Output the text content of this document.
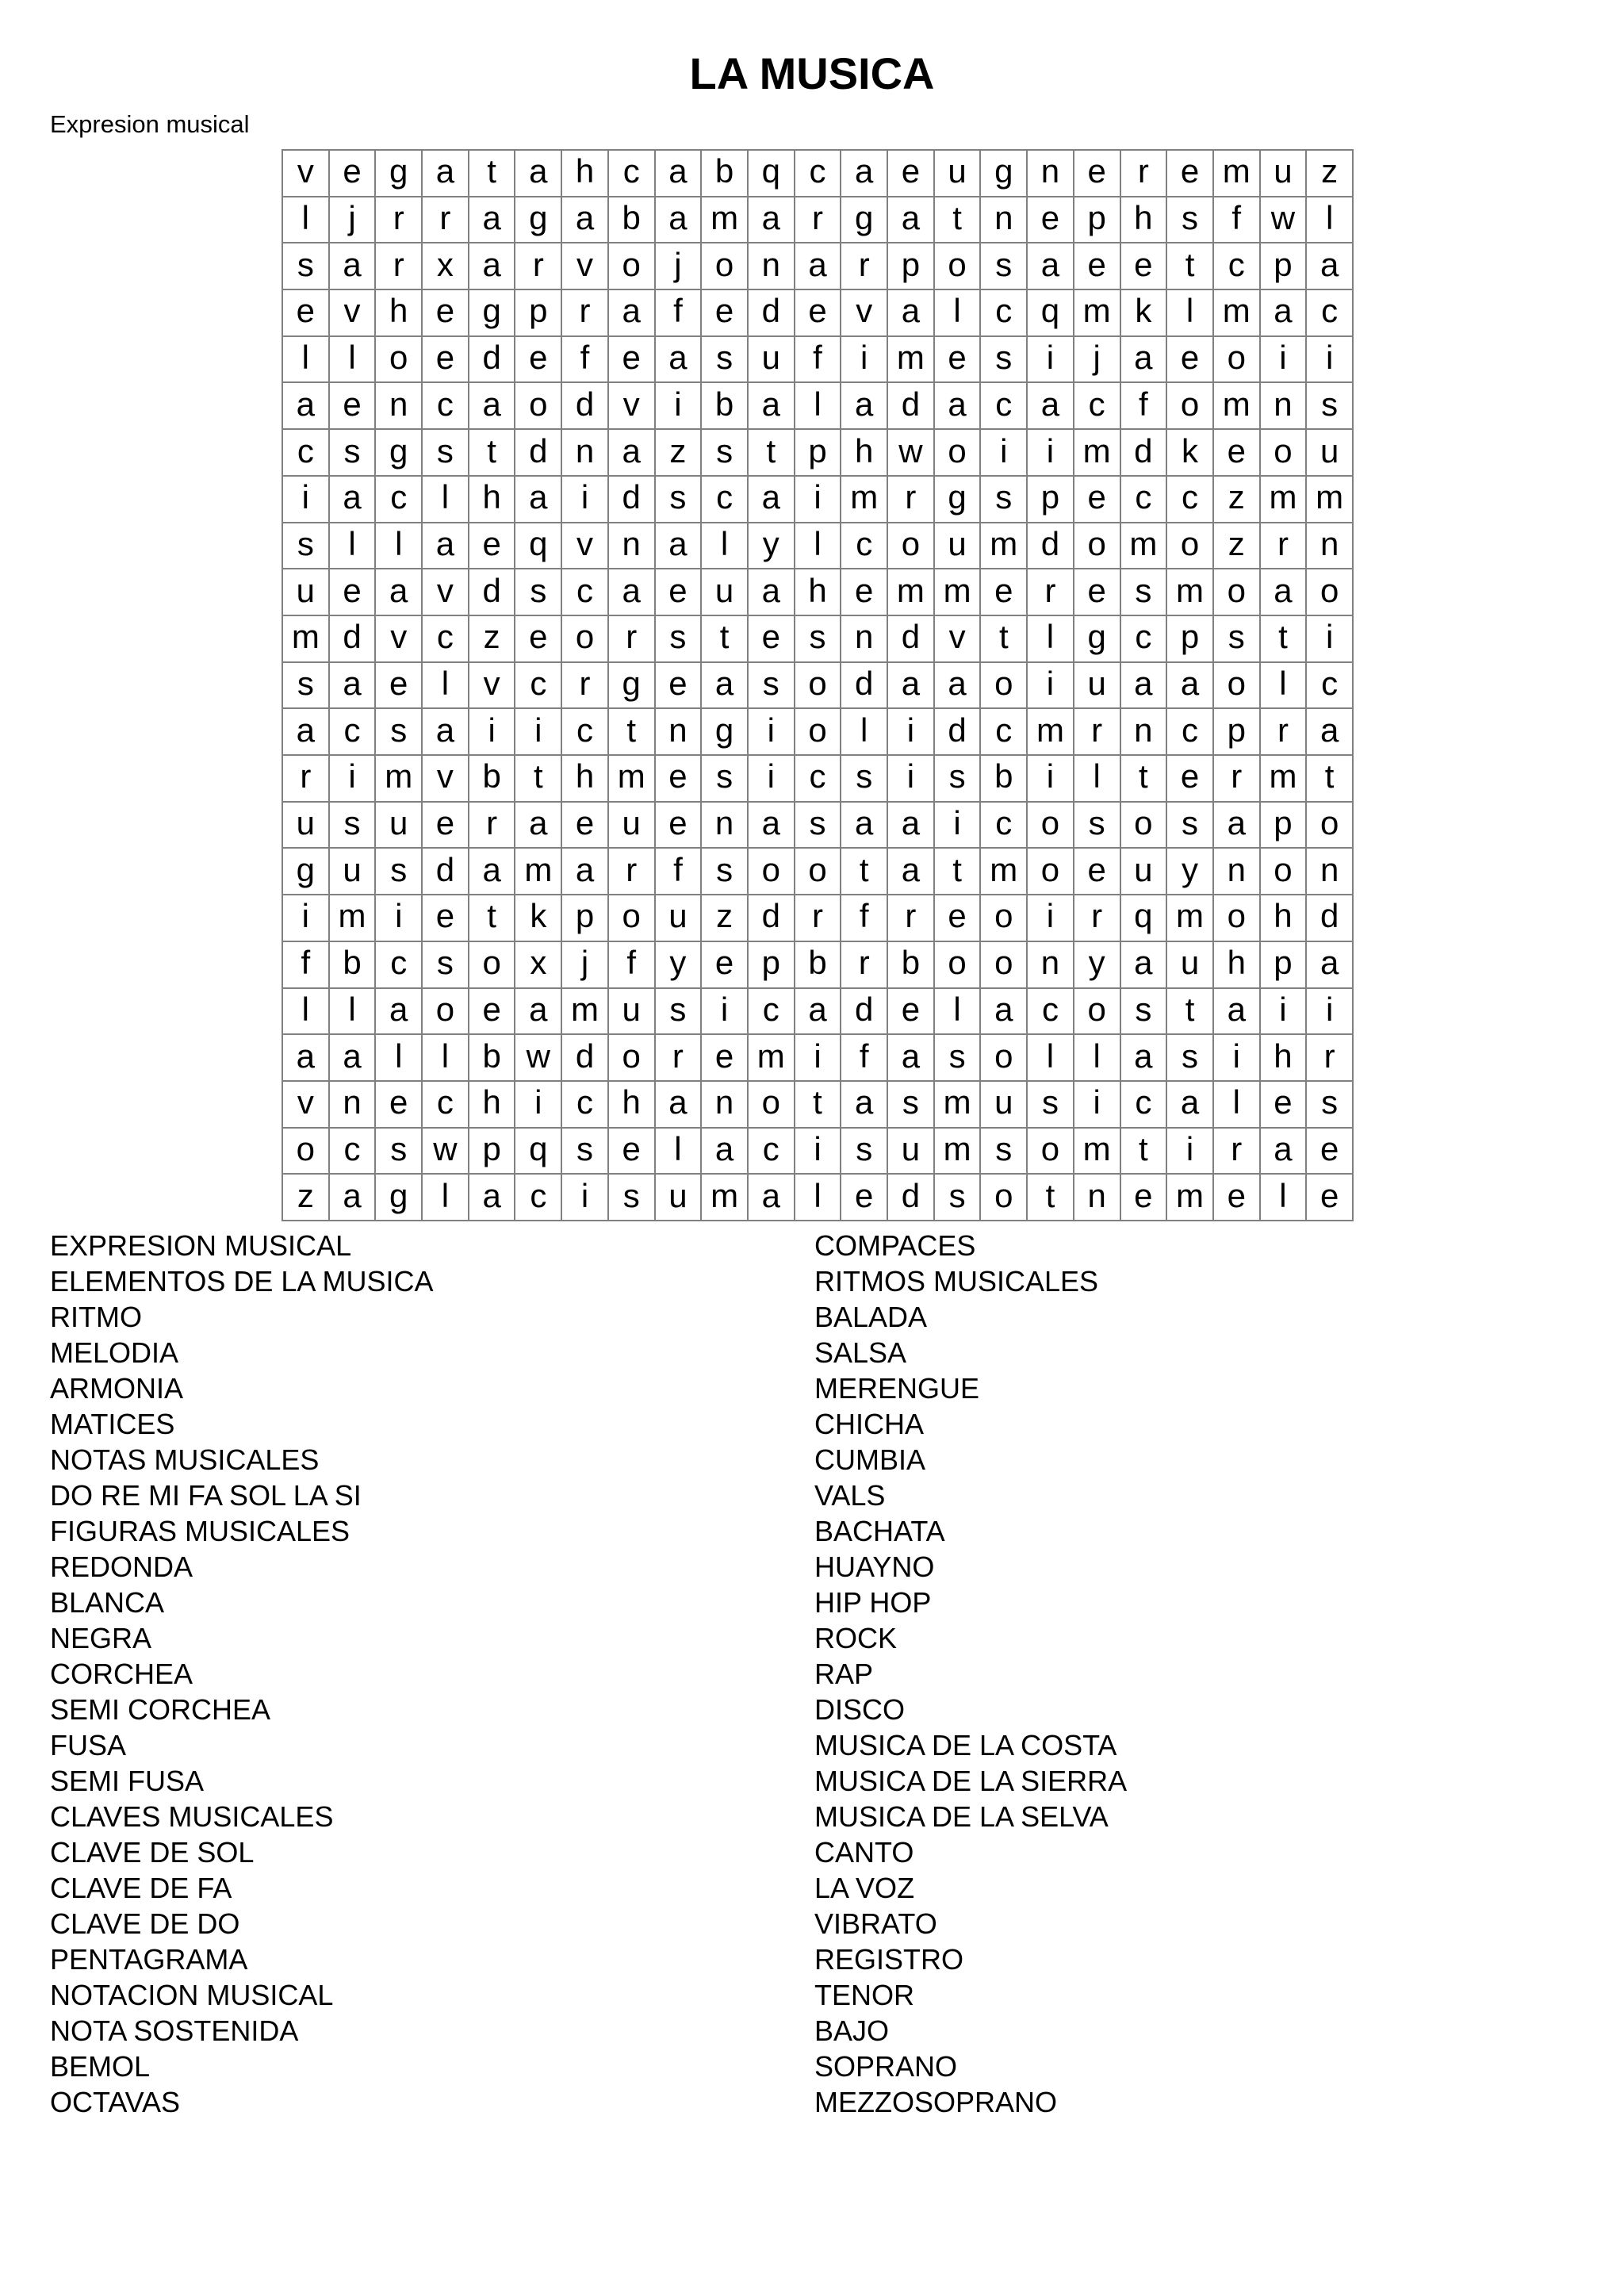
LA MUSICA
Expresion musical
v e g a t a h c a b q c a e u g n e r e m u z
l	j	r	r a g a b a m a r g a t n e p h s	f w l
s a r x a r v o	j	o n a r p o s a e e t	c p a
e v h e g p r a f e d e v a	l	c q m k	l m a c
l	l	o e d e f e a s u f	i m e s	i	j	a e o	i	i
a e n c a o d v	i	b a	l	a d a c a c	f o m n s
c s g s	t d n a z s	t p h w o	i	i m d k e o u
i	a c	l	h a	i	d s c a	i m r g s p e c c z m m
s	l	l	a e q v n a	l	y	l	c o u m d o m o z r n
u e a v d s c a e u a h e m m e r e s m o a o
m d v c z e o r s	t e s n d v	t	l	g c p s	t	i
s a e	l	v c r g e a s o d a a o	i	u a a o	l	c
a c s a	i	i	c	t n g	i	o	l	i	d c m r n c p r a
r	i m v b t h m e s	i	c s	i	s b	i	l	t e r m t
u s u e r a e u e n a s a a	i	c o s o s a p o
g u s d a m a r	f	s o o t a t m o e u y n o n
i m i	e t	k p o u z d r	f	r e o	i	r q m o h d
f b c s o x	j	f	y e p b r b o o n y a u h p a
l	l	a o e a m u s	i	c a d e	l	a c o s	t a	i	i
a a	l	l	b w d o r e m i	f a s o	l	l	a s	i	h r
v n e c h	i	c h a n o t a s m u s	i	c a	l	e s
o c s w p q s e	l	a c	i	s u m s o m t	i	r a e
z a g	l	a c	i	s u m a	l	e d s o t n e m e	l	e
EXPRESION MUSICAL
ELEMENTOS DE LA MUSICA
RITMO
MELODIA
ARMONIA
MATICES
NOTAS MUSICALES
DO RE MI FA SOL LA SI
FIGURAS MUSICALES
REDONDA
BLANCA
NEGRA
CORCHEA
SEMI CORCHEA
FUSA
SEMI FUSA
CLAVES MUSICALES
CLAVE DE SOL
CLAVE DE FA
CLAVE DE DO
PENTAGRAMA
NOTACION MUSICAL
NOTA SOSTENIDA
BEMOL
OCTAVAS
COMPACES
RITMOS MUSICALES
BALADA
SALSA
MERENGUE
CHICHA
CUMBIA
VALS
BACHATA
HUAYNO
HIP HOP
ROCK
RAP
DISCO
MUSICA DE LA COSTA
MUSICA DE LA SIERRA
MUSICA DE LA SELVA
CANTO
LA VOZ
VIBRATO
REGISTRO
TENOR
BAJO
SOPRANO
MEZZOSOPRANO
